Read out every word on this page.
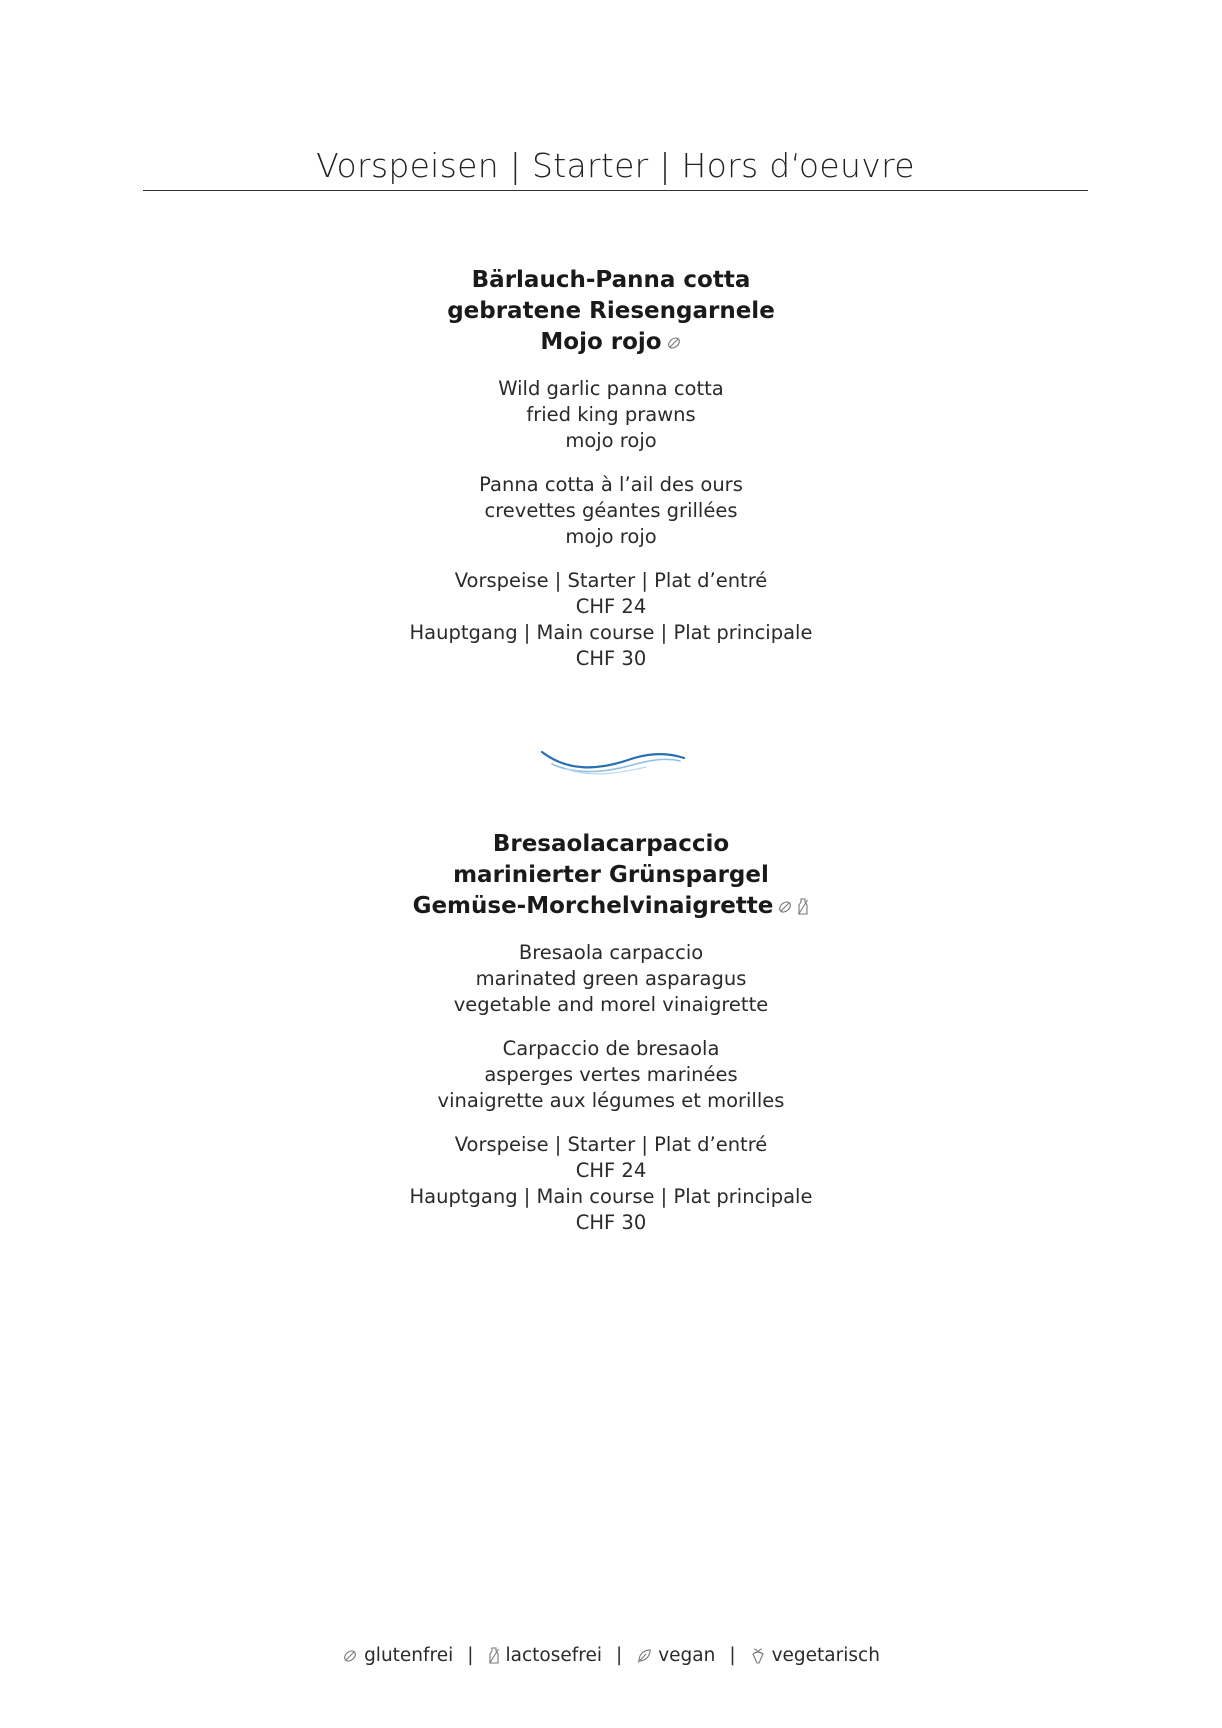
Vorspeisen | Starter | Hors d‘oeuvre
Bärlauch-Panna cotta
gebratene Riesengarnele
Mojo rojo
Wild garlic panna cotta
fried king prawns
mojo rojo
Panna cotta à l’ail des ours
crevettes géantes grillées
mojo rojo
Vorspeise | Starter | Plat d’entré
CHF 24
Hauptgang | Main course | Plat principale
CHF 30
Bresaolacarpaccio
marinierter Grünspargel
Gemüse-Morchelvinaigrette
Bresaola carpaccio
marinated green asparagus
vegetable and morel vinaigrette
Carpaccio de bresaola
asperges vertes marinées
vinaigrette aux légumes et morilles
Vorspeise | Starter | Plat d’entré
CHF 24
Hauptgang | Main course | Plat principale
CHF 30
glutenfrei | lactosefrei | vegan | vegetarisch
